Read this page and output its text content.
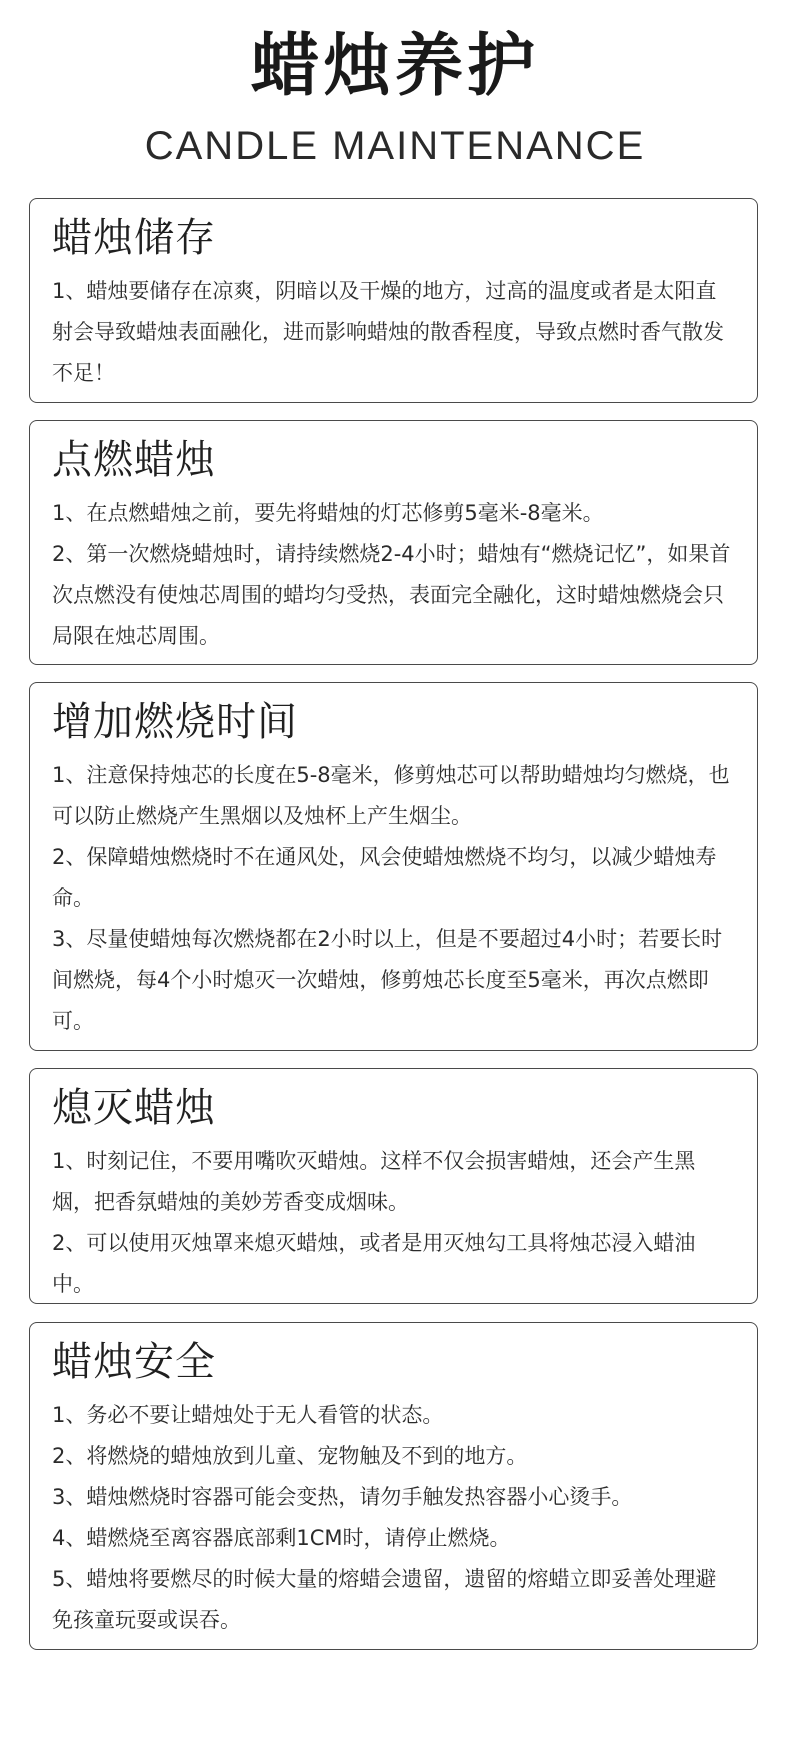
蜡烛养护
CANDLE MAINTENANCE
蜡烛储存

1、蜡烛要储存在凉爽，阴暗以及干燥的地方，过高的温度或者是太阳直射会导致蜡烛表面融化，进而影响蜡烛的散香程度，导致点燃时香气散发不足！

点燃蜡烛

1、在点燃蜡烛之前，要先将蜡烛的灯芯修剪5毫米-8毫米。

2、第一次燃烧蜡烛时，请持续燃烧2-4小时；蜡烛有“燃烧记忆”，如果首次点燃没有使烛芯周围的蜡均匀受热，表面完全融化，这时蜡烛燃烧会只局限在烛芯周围。

增加燃烧时间

1、注意保持烛芯的长度在5-8毫米，修剪烛芯可以帮助蜡烛均匀燃烧，也可以防止燃烧产生黑烟以及烛杯上产生烟尘。

2、保障蜡烛燃烧时不在通风处，风会使蜡烛燃烧不均匀，以减少蜡烛寿命。

3、尽量使蜡烛每次燃烧都在2小时以上，但是不要超过4小时；若要长时间燃烧，每4个小时熄灭一次蜡烛，修剪烛芯长度至5毫米，再次点燃即可。

熄灭蜡烛

1、时刻记住，不要用嘴吹灭蜡烛。这样不仅会损害蜡烛，还会产生黑烟，把香氛蜡烛的美妙芳香变成烟味。

2、可以使用灭烛罩来熄灭蜡烛，或者是用灭烛勾工具将烛芯浸入蜡油中。

蜡烛安全

1、务必不要让蜡烛处于无人看管的状态。

2、将燃烧的蜡烛放到儿童、宠物触及不到的地方。

3、蜡烛燃烧时容器可能会变热，请勿手触发热容器小心烫手。

4、蜡燃烧至离容器底部剩1CM时，请停止燃烧。

5、蜡烛将要燃尽的时候大量的熔蜡会遗留，遗留的熔蜡立即妥善处理避免孩童玩耍或误吞。
